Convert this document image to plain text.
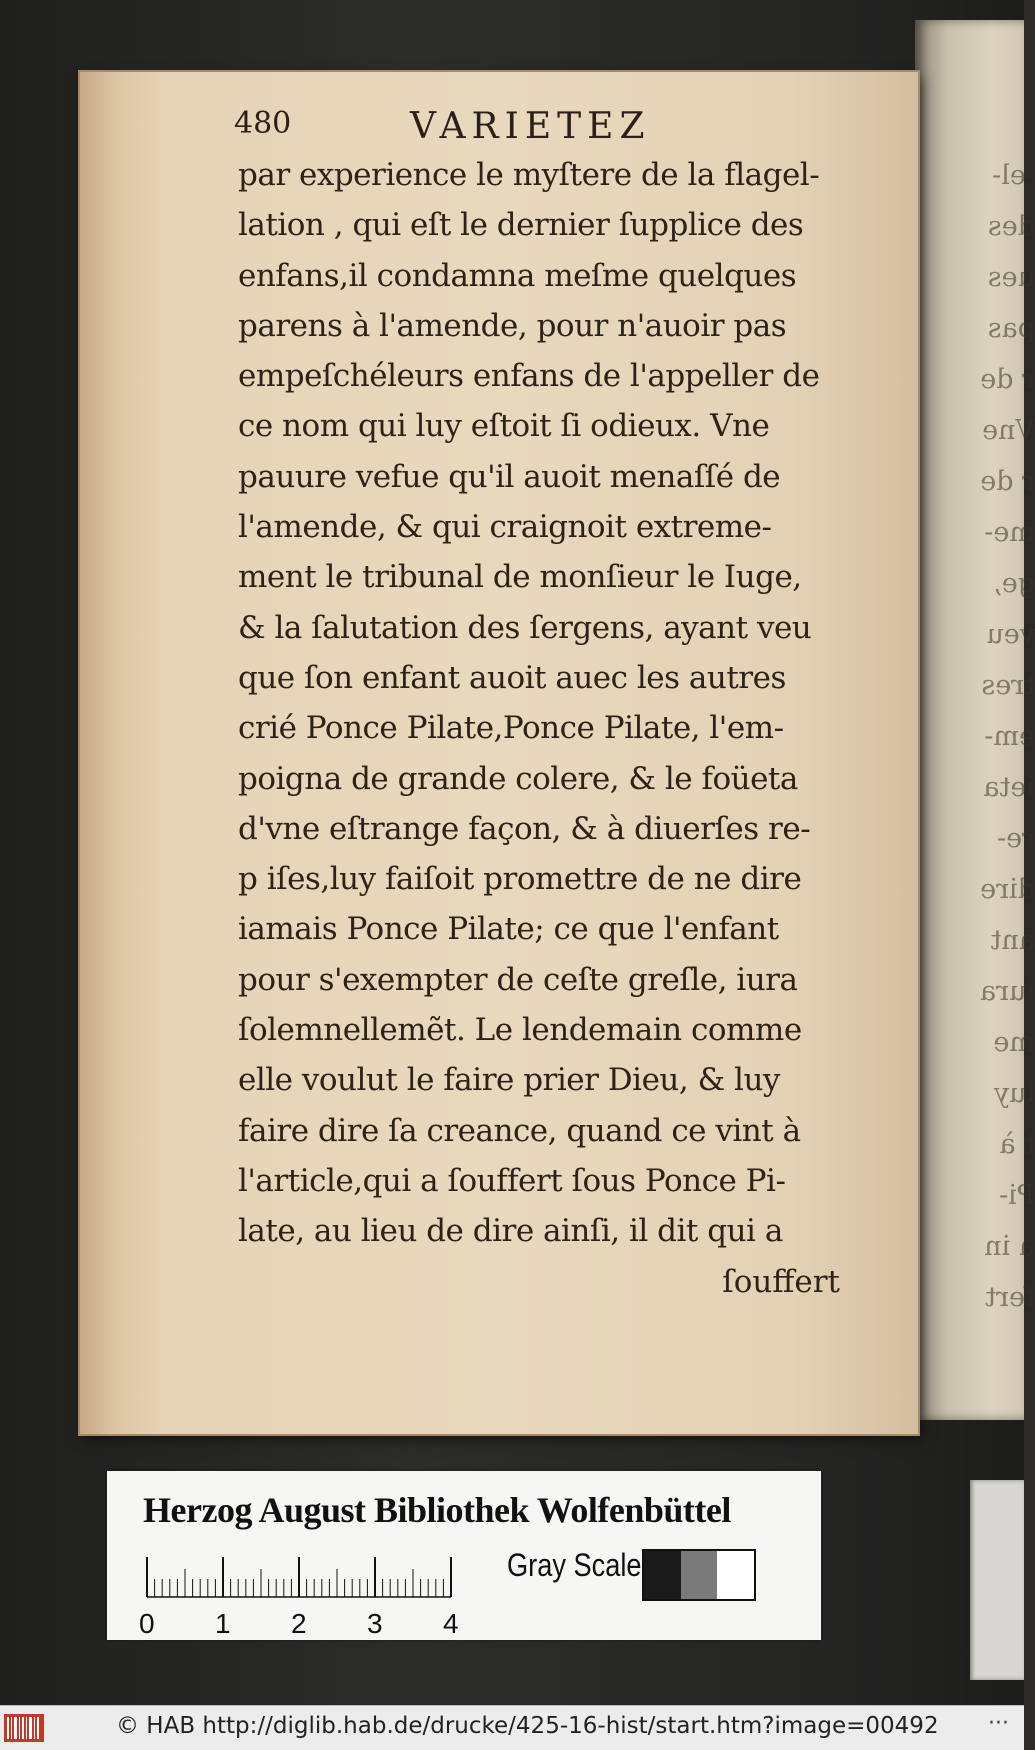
-el-
des
ues
pas
r de
Vne
r de
me-
ge,
veu
tres
em-
ieta
re-
dire
ant
iura
me
luy
t à
Pi-
a in
fert
480	VARIETEZ
par experience le myſtere de la flagel-
lation , qui eſt le dernier ſupplice des
enfans,il condamna meſme quelques
parens à l'amende, pour n'auoir pas
empeſchéleurs enfans de l'appeller de
ce nom qui luy eſtoit ſi odieux. Vne
pauure vefue qu'il auoit menaſſé de
l'amende, & qui craignoit extreme-
ment le tribunal de monſieur le Iuge,
& la ſalutation des ſergens, ayant veu
que ſon enfant auoit auec les autres
crié Ponce Pilate,Ponce Pilate, l'em-
poigna de grande colere, & le foüeta
d'vne eſtrange façon, & à diuerſes re-
p iſes,luy faiſoit promettre de ne dire
iamais Ponce Pilate; ce que l'enfant
pour s'exempter de ceſte greſle, iura
ſolemnellemẽt. Le lendemain comme
elle voulut le faire prier Dieu, & luy
faire dire ſa creance, quand ce vint à
l'article,qui a ſouffert ſous Ponce Pi-
late, au lieu de dire ainſi, il dit qui a
ſouffert
Herzog August Bibliothek Wolfenbüttel
0 1 2 3 4
Gray Scale
© HAB http://diglib.hab.de/drucke/425-16-hist/start.htm?image=00492 ···
